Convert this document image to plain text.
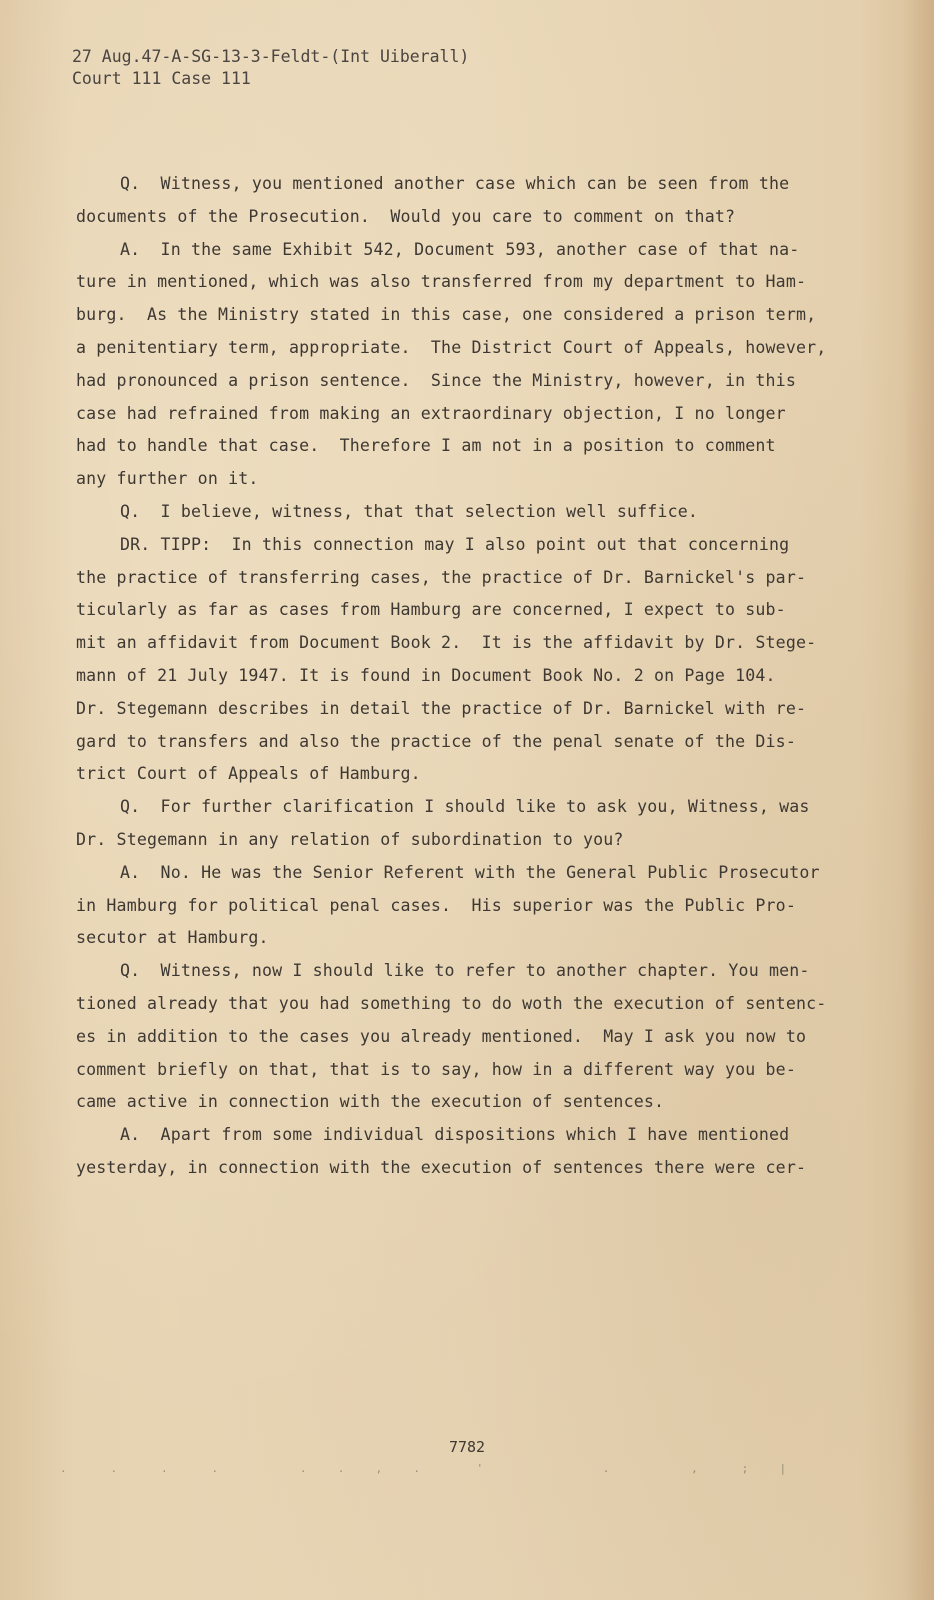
27 Aug.47-A-SG-13-3-Feldt-(Int Uiberall)
Court 111 Case 111
Q.  Witness, you mentioned another case which can be seen from the
documents of the Prosecution.  Would you care to comment on that?
A.  In the same Exhibit 542, Document 593, another case of that na-
ture in mentioned, which was also transferred from my department to Ham-
burg.  As the Ministry stated in this case, one considered a prison term,
a penitentiary term, appropriate.  The District Court of Appeals, however,
had pronounced a prison sentence.  Since the Ministry, however, in this
case had refrained from making an extraordinary objection, I no longer
had to handle that case.  Therefore I am not in a position to comment
any further on it.
Q.  I believe, witness, that that selection well suffice.
DR. TIPP:  In this connection may I also point out that concerning
the practice of transferring cases, the practice of Dr. Barnickel's par-
ticularly as far as cases from Hamburg are concerned, I expect to sub-
mit an affidavit from Document Book 2.  It is the affidavit by Dr. Stege-
mann of 21 July 1947. It is found in Document Book No. 2 on Page 104.
Dr. Stegemann describes in detail the practice of Dr. Barnickel with re-
gard to transfers and also the practice of the penal senate of the Dis-
trict Court of Appeals of Hamburg.
Q.  For further clarification I should like to ask you, Witness, was
Dr. Stegemann in any relation of subordination to you?
A.  No. He was the Senior Referent with the General Public Prosecutor
in Hamburg for political penal cases.  His superior was the Public Pro-
secutor at Hamburg.
Q.  Witness, now I should like to refer to another chapter. You men-
tioned already that you had something to do woth the execution of sentenc-
es in addition to the cases you already mentioned.  May I ask you now to
comment briefly on that, that is to say, how in a different way you be-
came active in connection with the execution of sentences.
A.  Apart from some individual dispositions which I have mentioned
yesterday, in connection with the execution of sentences there were cer-
7782
.   .   .   .      .  .  ,  .    '         .      ,   ;  |
